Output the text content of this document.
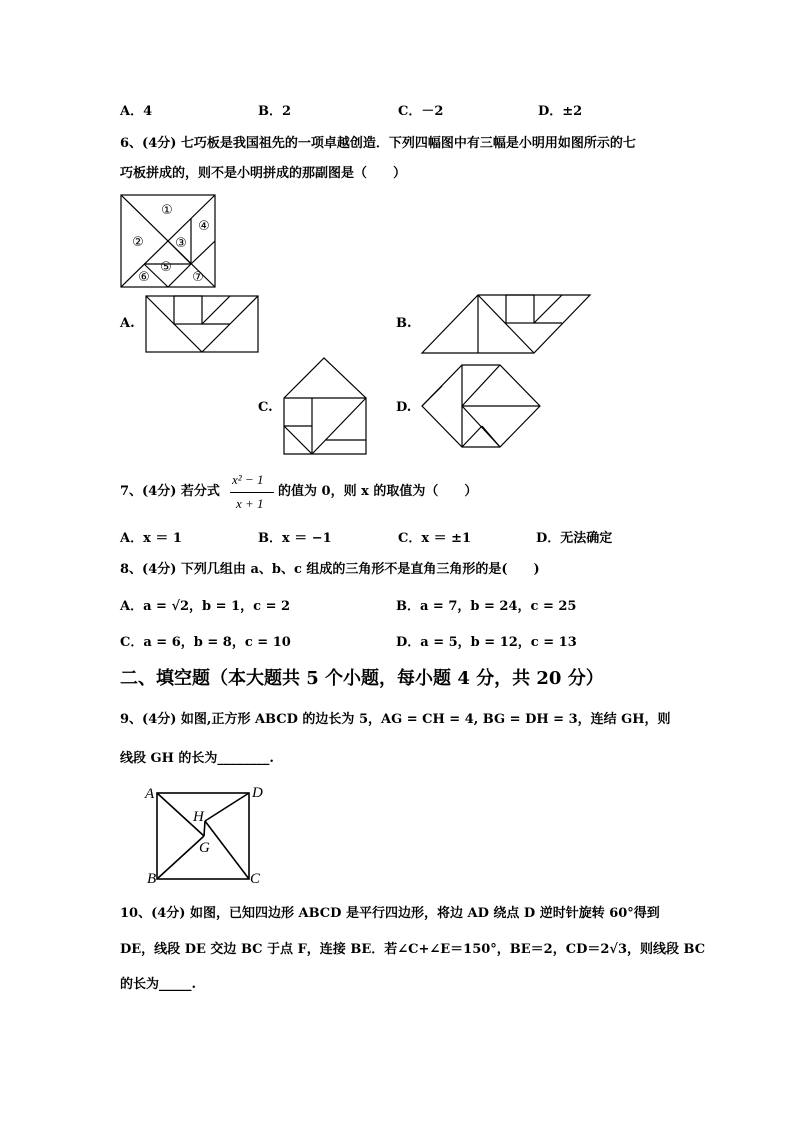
A．4	B．2	C．－2	D．±2
6、(4分) 七巧板是我国祖先的一项卓越创造．下列四幅图中有三幅是小明用如图所示的七
巧板拼成的，则不是小明拼成的那副图是（　　）
①
② ③
④
⑤
⑥	⑦
A.	B.
C.	D.
7、(4分) 若分式
x² − 1
x + 1
的值为 0，则 x 的取值为（　　）
A．x ＝ 1	B．x ＝ −1	C．x ＝ ±1	D．无法确定
8、(4分) 下列几组由 a、b、c 组成的三角形不是直角三角形的是(　　)
A．a = √2，b = 1，c = 2	B．a = 7，b = 24，c = 25
C．a = 6，b = 8，c = 10	D．a = 5，b = 12，c = 13
二、填空题（本大题共 5 个小题，每小题 4 分，共 20 分）
9、(4分) 如图,正方形 ABCD 的边长为 5，AG = CH = 4, BG = DH = 3，连结 GH，则
线段 GH 的长为________.
A	D
H
G
B	C
10、(4分) 如图，已知四边形 ABCD 是平行四边形，将边 AD 绕点 D 逆时针旋转 60°得到
DE，线段 DE 交边 BC 于点 F，连接 BE．若∠C+∠E＝150°，BE＝2，CD＝2√3，则线段 BC
的长为_____.
